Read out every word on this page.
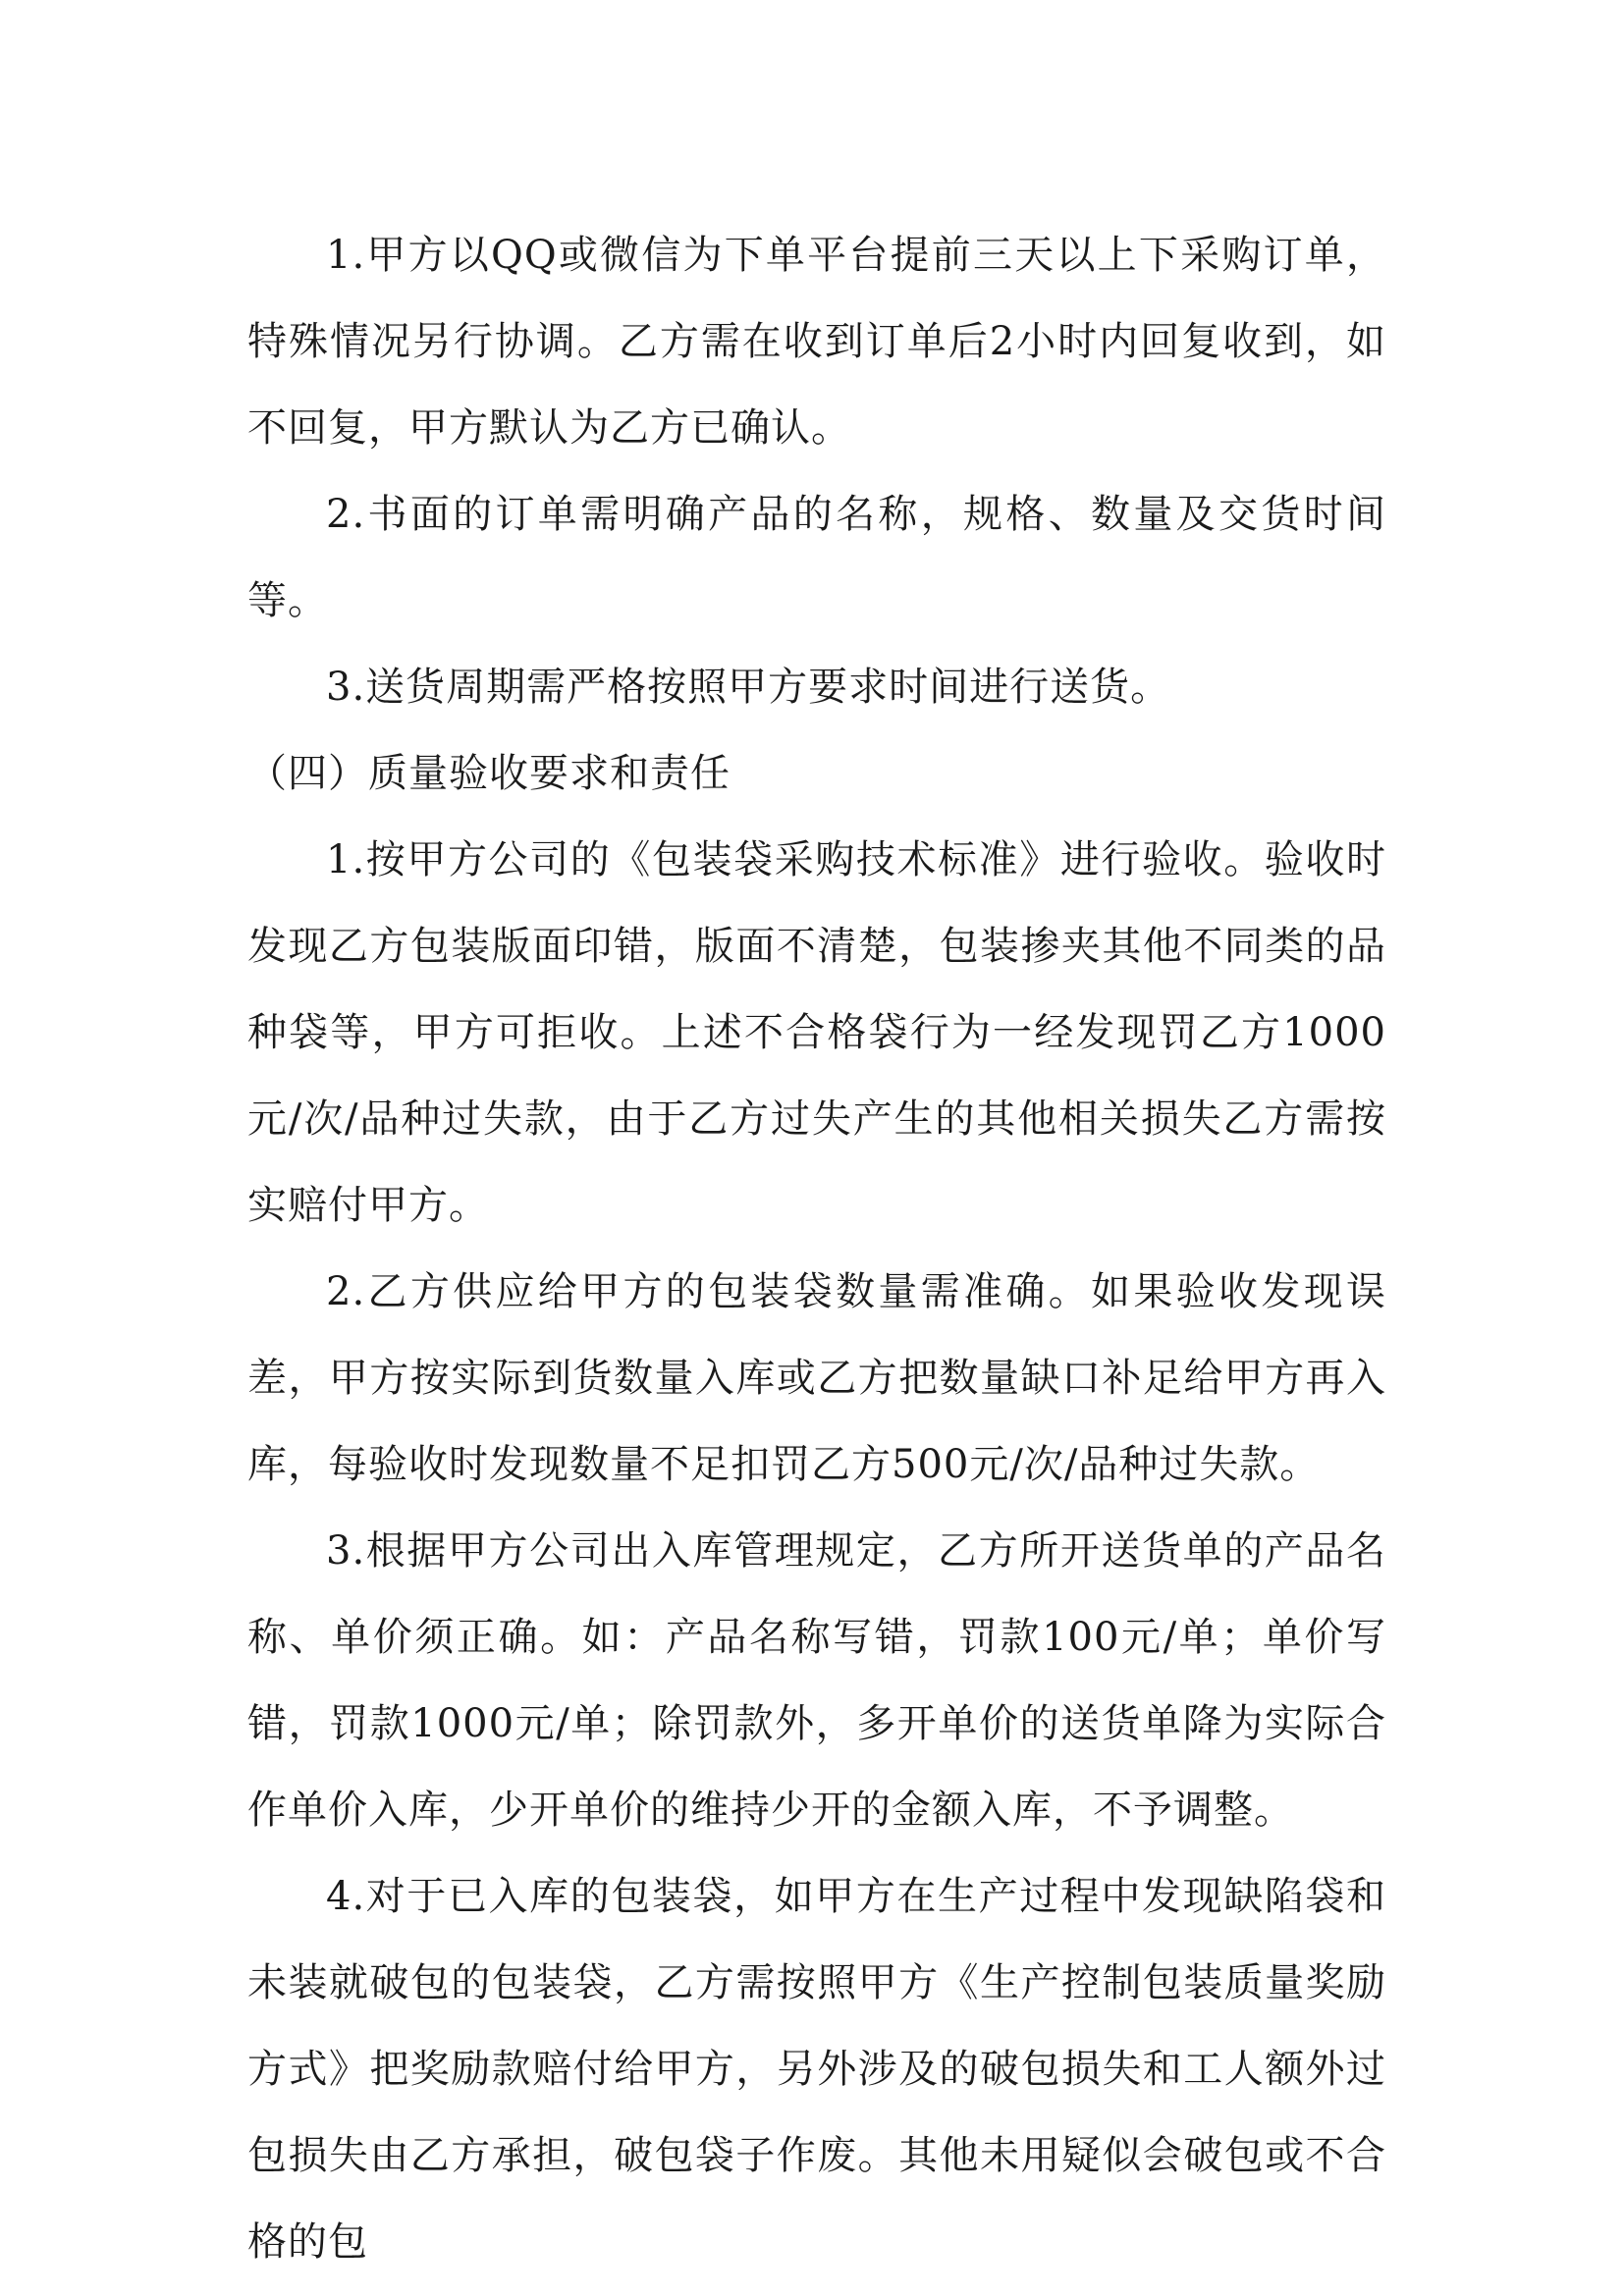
1.甲方以QQ或微信为下单平台提前三天以上下采购订单，特殊情况另行协调。乙方需在收到订单后2小时内回复收到，如不回复，甲方默认为乙方已确认。

2.书面的订单需明确产品的名称，规格、数量及交货时间等。

3.送货周期需严格按照甲方要求时间进行送货。

（四）质量验收要求和责任

1.按甲方公司的《包装袋采购技术标准》进行验收。验收时发现乙方包装版面印错，版面不清楚，包装掺夹其他不同类的品种袋等，甲方可拒收。上述不合格袋行为一经发现罚乙方1000元/次/品种过失款，由于乙方过失产生的其他相关损失乙方需按实赔付甲方。

2.乙方供应给甲方的包装袋数量需准确。如果验收发现误差，甲方按实际到货数量入库或乙方把数量缺口补足给甲方再入库，每验收时发现数量不足扣罚乙方500元/次/品种过失款。

3.根据甲方公司出入库管理规定，乙方所开送货单的产品名称、单价须正确。如：产品名称写错，罚款100元/单；单价写错，罚款1000元/单；除罚款外，多开单价的送货单降为实际合作单价入库，少开单价的维持少开的金额入库，不予调整。

4.对于已入库的包装袋，如甲方在生产过程中发现缺陷袋和未装就破包的包装袋，乙方需按照甲方《生产控制包装质量奖励方式》把奖励款赔付给甲方，另外涉及的破包损失和工人额外过包损失由乙方承担，破包袋子作废。其他未用疑似会破包或不合格的包
